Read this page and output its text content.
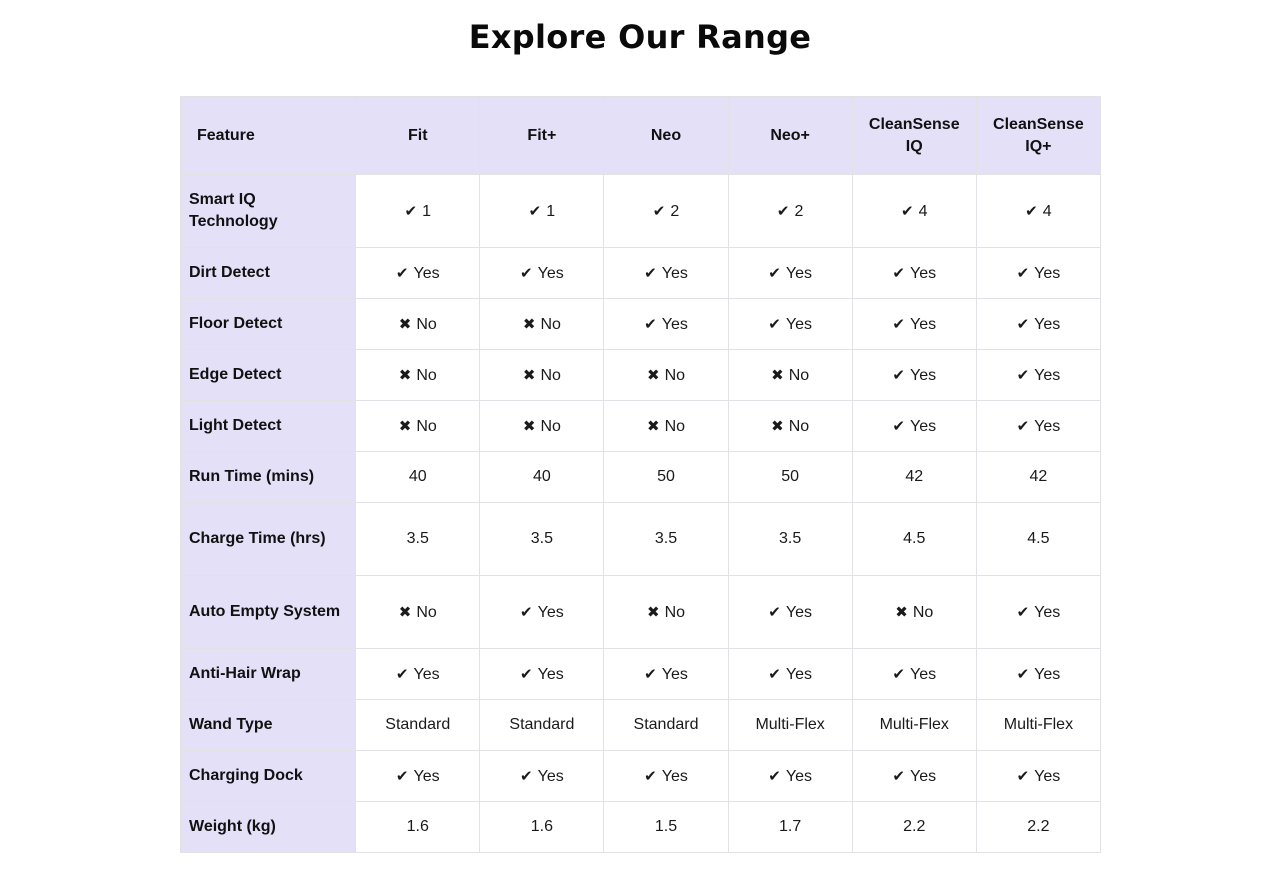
Explore Our Range
Feature	Fit	Fit+	Neo	Neo+	CleanSense IQ	CleanSense IQ+
Smart IQ Technology	✔ 1	✔ 1	✔ 2	✔ 2	✔ 4	✔ 4
Dirt Detect	✔ Yes	✔ Yes	✔ Yes	✔ Yes	✔ Yes	✔ Yes
Floor Detect	✖ No	✖ No	✔ Yes	✔ Yes	✔ Yes	✔ Yes
Edge Detect	✖ No	✖ No	✖ No	✖ No	✔ Yes	✔ Yes
Light Detect	✖ No	✖ No	✖ No	✖ No	✔ Yes	✔ Yes
Run Time (mins)	40	40	50	50	42	42
Charge Time (hrs)	3.5	3.5	3.5	3.5	4.5	4.5
Auto Empty System	✖ No	✔ Yes	✖ No	✔ Yes	✖ No	✔ Yes
Anti-Hair Wrap	✔ Yes	✔ Yes	✔ Yes	✔ Yes	✔ Yes	✔ Yes
Wand Type	Standard	Standard	Standard	Multi-Flex	Multi-Flex	Multi-Flex
Charging Dock	✔ Yes	✔ Yes	✔ Yes	✔ Yes	✔ Yes	✔ Yes
Weight (kg)	1.6	1.6	1.5	1.7	2.2	2.2
